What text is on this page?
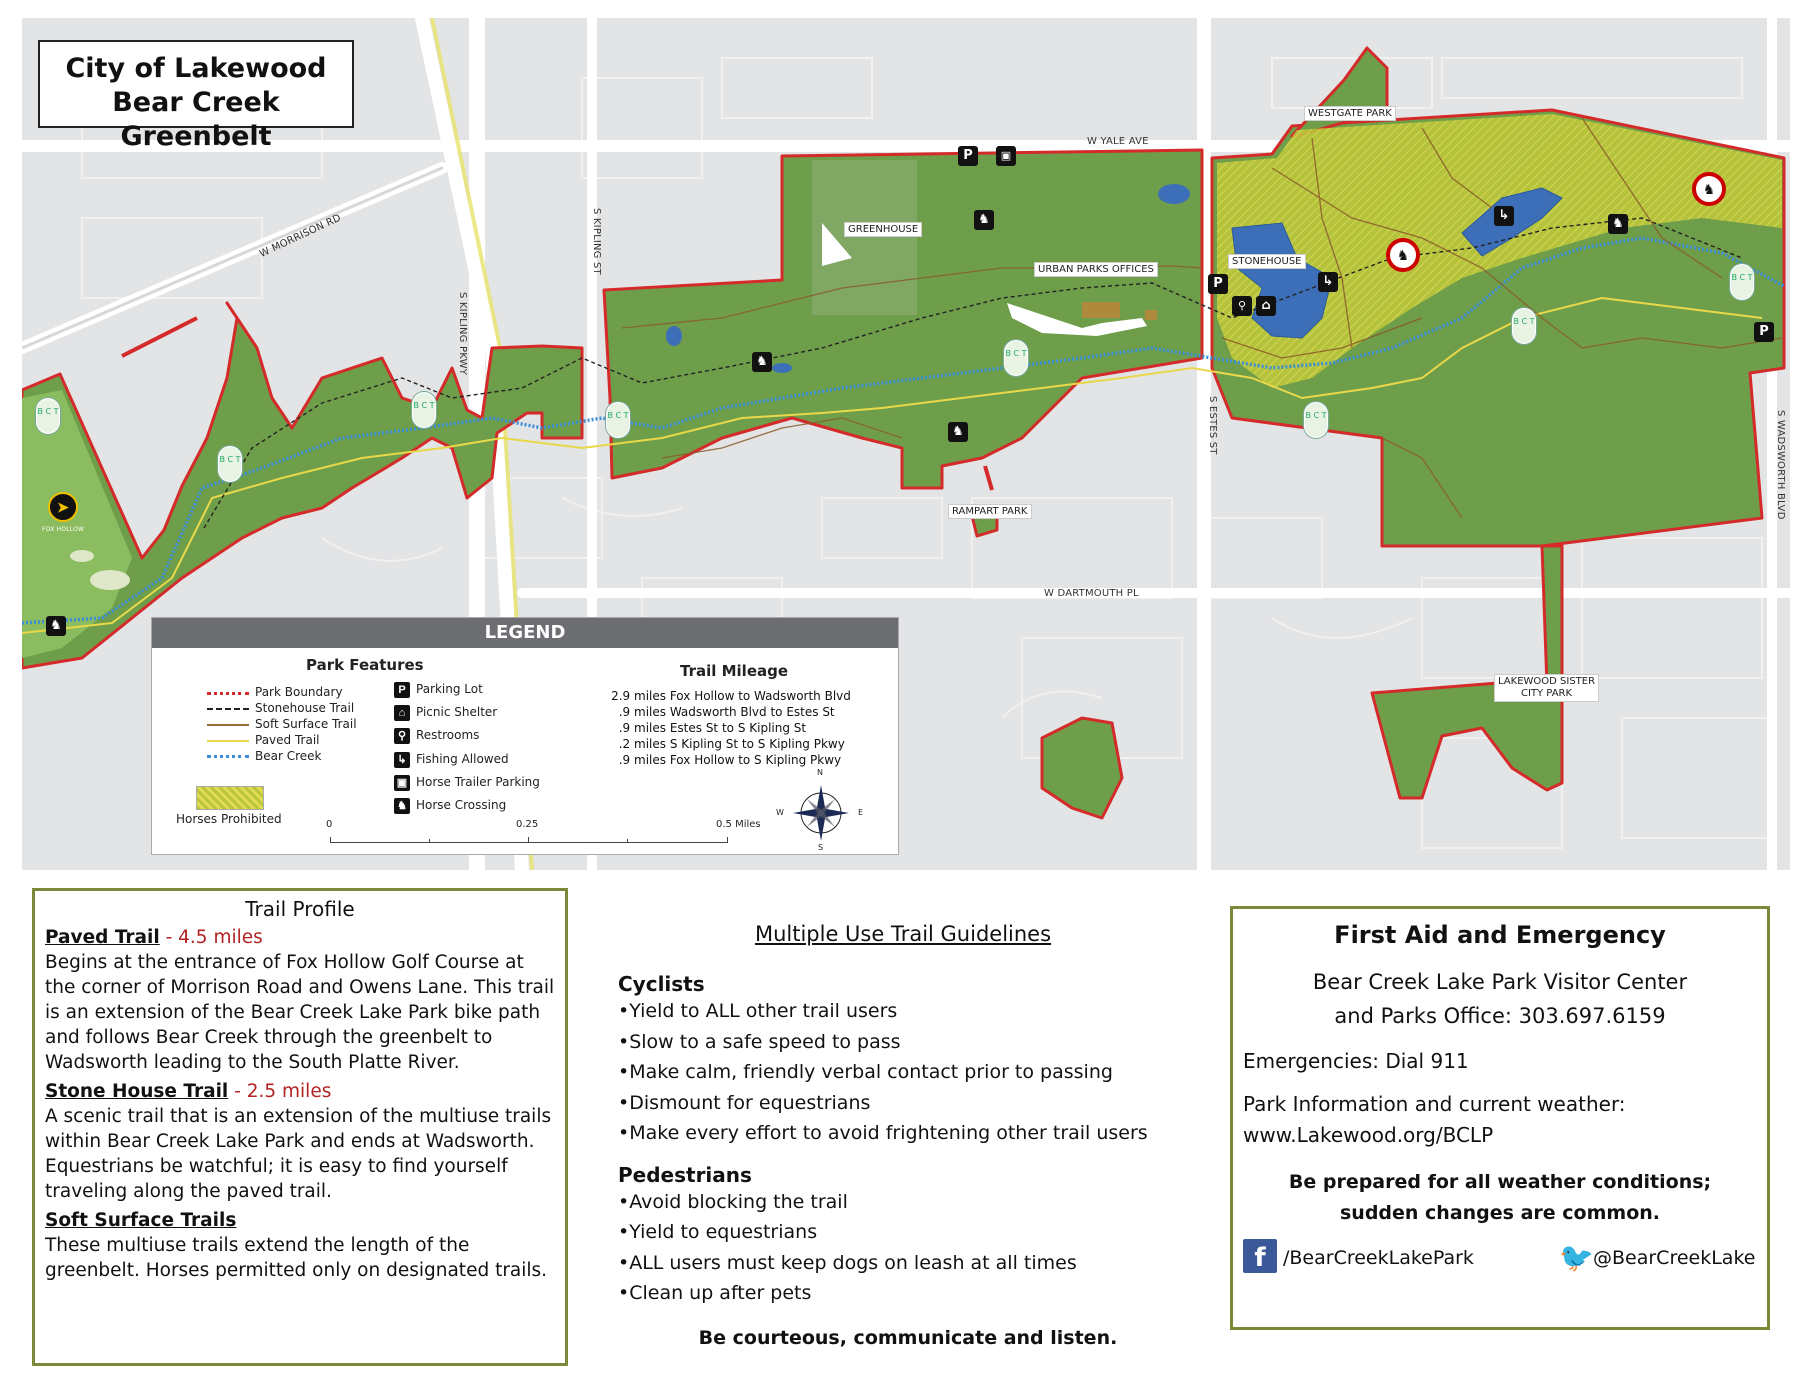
W YALE AVE
WESTGATE PARK
GREENHOUSE
URBAN PARKS OFFICES
STONEHOUSE
W MORRISON RD	S KIPLING ST
S KIPLING PKWY
S ESTES ST	S WADSWORTH BLVD
RAMPART PARK
W DARTMOUTH PL
LAKEWOOD SISTER
CITY PARK
➤
FOX HOLLOW
P	▣
♞
♞
♞
♞
♞
P
⚲	⌂
↳
↳
P
♞
♞
B C T
B C T
B C T
B C T
B C T
B C T
B C T
B C T
City of Lakewood
Bear Creek Greenbelt
LEGEND
Park Features
Park Boundary
Stonehouse Trail
Soft Surface Trail
Paved Trail
Bear Creek
Horses Prohibited
P Parking Lot
⌂ Picnic Shelter
⚲ Restrooms
↳ Fishing Allowed
▣ Horse Trailer Parking
♞ Horse Crossing
Trail Mileage
2.9 miles Fox Hollow to Wadsworth Blvd
.9 miles Wadsworth Blvd to Estes St
.9 miles Estes St to S Kipling St
.2 miles S Kipling St to S Kipling Pkwy
.9 miles Fox Hollow to S Kipling Pkwy
0	0.25	0.5 Miles
N
E
S
W
Trail Profile
Paved Trail - 4.5 miles
Begins at the entrance of Fox Hollow Golf Course at the corner of Morrison Road and Owens Lane. This trail is an extension of the Bear Creek Lake Park bike path and follows Bear Creek through the greenbelt to Wadsworth leading to the South Platte River.
Stone House Trail - 2.5 miles
A scenic trail that is an extension of the multiuse trails within Bear Creek Lake Park and ends at Wadsworth. Equestrians be watchful; it is easy to find yourself traveling along the paved trail.
Soft Surface Trails
These multiuse trails extend the length of the greenbelt. Horses permitted only on designated trails.
Multiple Use Trail Guidelines
Cyclists
•Yield to ALL other trail users
•Slow to a safe speed to pass
•Make calm, friendly verbal contact prior to passing
•Dismount for equestrians
•Make every effort to avoid frightening other trail users
Pedestrians
•Avoid blocking the trail
•Yield to equestrians
•ALL users must keep dogs on leash at all times
•Clean up after pets
Be courteous, communicate and listen.
First Aid and Emergency
Bear Creek Lake Park Visitor Center
and Parks Office: 303.697.6159
Emergencies: Dial 911
Park Information and current weather:
www.Lakewood.org/BCLP
Be prepared for all weather conditions;
sudden changes are common.
f /BearCreekLakePark	🐦 @BearCreekLake
